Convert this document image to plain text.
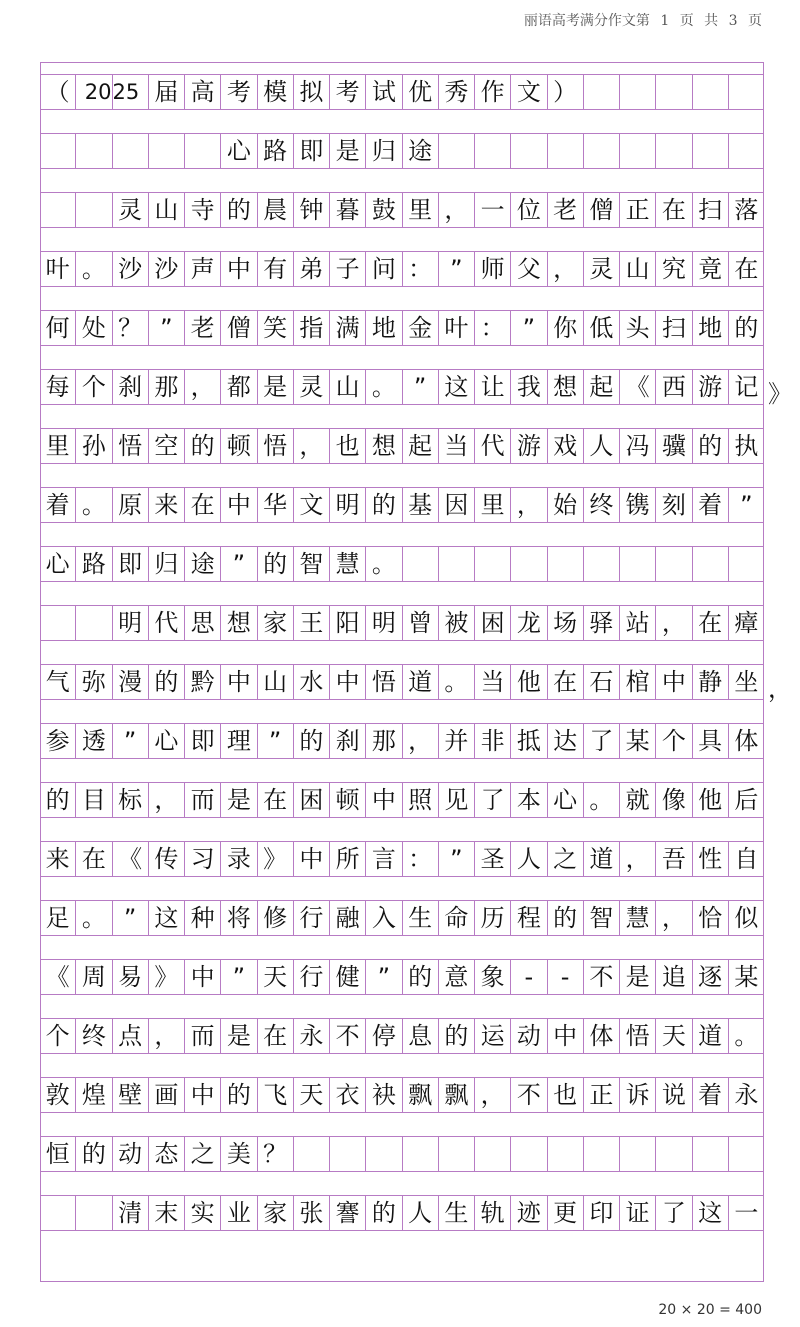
丽语高考满分作文第 1 页 共 3 页
（ 20 25 届 高 考 模 拟 考 试 优 秀 作 文 ）
心 路 即 是 归 途
灵 山 寺 的 晨 钟 暮 鼓 里 ， 一 位 老 僧 正 在 扫 落
叶 。 沙 沙 声 中 有 弟 子 问 ： ” 师 父 ， 灵 山 究 竟 在
何 处 ？ ” 老 僧 笑 指 满 地 金 叶 ： ” 你 低 头 扫 地 的
每 个 刹 那 ， 都 是 灵 山 。 ” 这 让 我 想 起 《 西 游 记 》
里 孙 悟 空 的 顿 悟 ， 也 想 起 当 代 游 戏 人 冯 骥 的 执
着 。 原 来 在 中 华 文 明 的 基 因 里 ， 始 终 镌 刻 着 ”
心 路 即 归 途 ” 的 智 慧 。
明 代 思 想 家 王 阳 明 曾 被 困 龙 场 驿 站 ， 在 瘴
气 弥 漫 的 黔 中 山 水 中 悟 道 。 当 他 在 石 棺 中 静 坐 ，
参 透 ” 心 即 理 ” 的 刹 那 ， 并 非 抵 达 了 某 个 具 体
的 目 标 ， 而 是 在 困 顿 中 照 见 了 本 心 。 就 像 他 后
来 在 《 传 习 录 》 中 所 言 ： ” 圣 人 之 道 ， 吾 性 自
足 。 ” 这 种 将 修 行 融 入 生 命 历 程 的 智 慧 ， 恰 似
《 周 易 》 中 ” 天 行 健 ” 的 意 象 -	- 不 是 追 逐 某
个 终 点 ， 而 是 在 永 不 停 息 的 运 动 中 体 悟 天 道 。
敦 煌 壁 画 中 的 飞 天 衣 袂 飘 飘 ， 不 也 正 诉 说 着 永
恒 的 动 态 之 美 ？
清 末 实 业 家 张 謇 的 人 生 轨 迹 更 印 证 了 这 一
20 × 20 = 400
